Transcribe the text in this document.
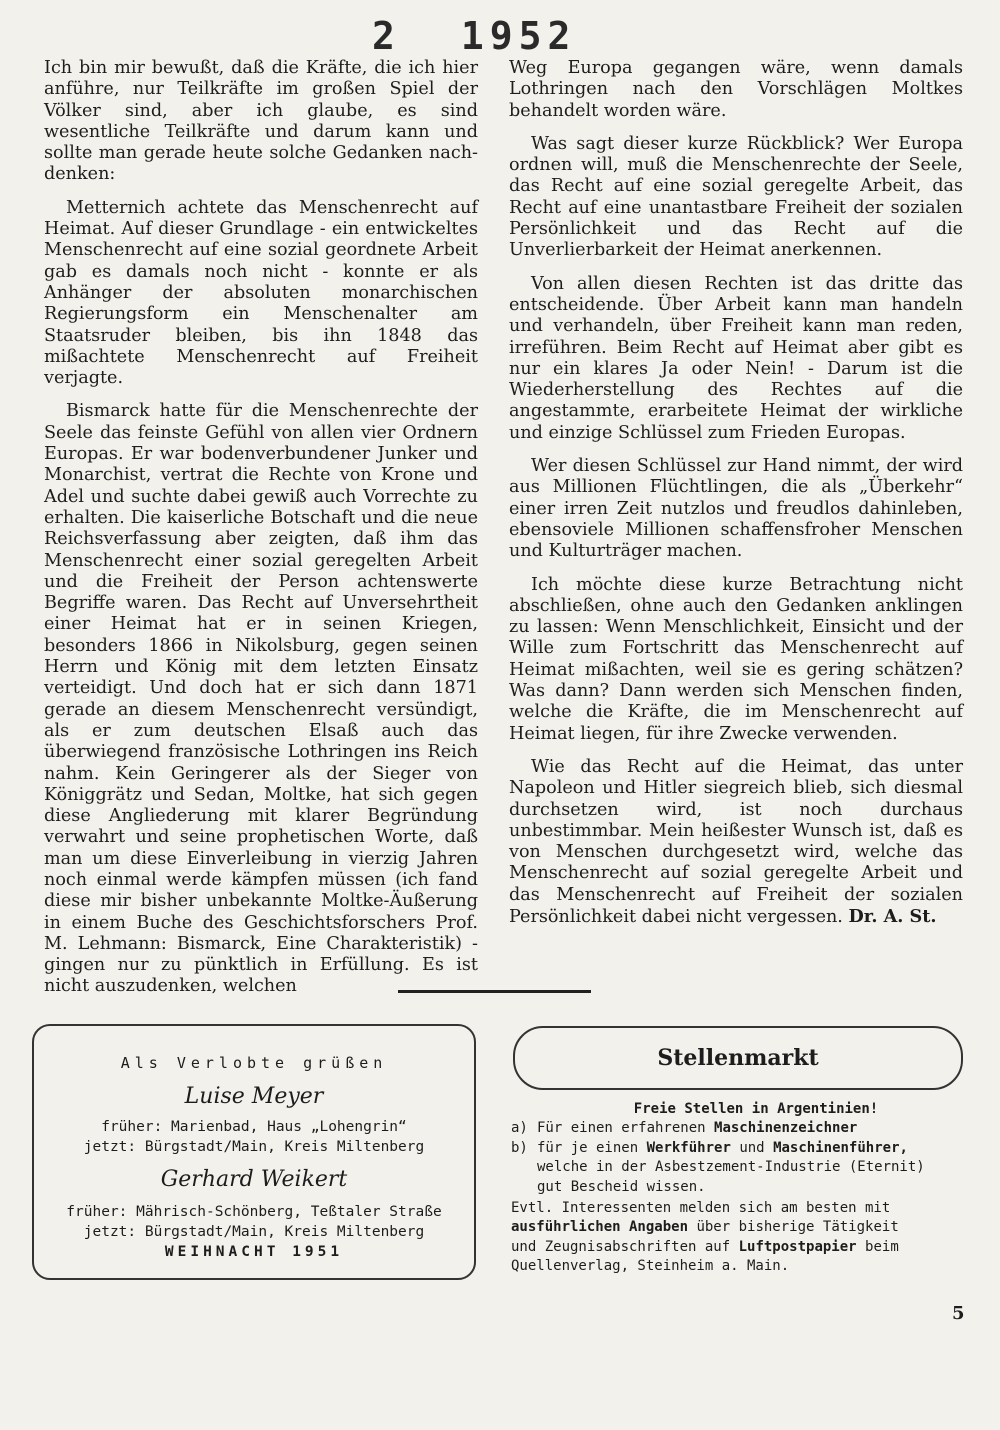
2 1952

Ich bin mir bewußt, daß die Kräfte, die ich hier anführe, nur Teilkräfte im großen Spiel der Völker sind, aber ich glaube, es sind wesentliche Teilkräfte und darum kann und sollte man gerade heute solche Gedanken nach-denken:

Metternich achtete das Menschenrecht auf Heimat. Auf dieser Grundlage - ein entwickeltes Menschenrecht auf eine sozial geordnete Arbeit gab es damals noch nicht - konnte er als Anhänger der absoluten monarchischen Regierungsform ein Menschenalter am Staatsruder bleiben, bis ihn 1848 das mißachtete Menschenrecht auf Freiheit verjagte.

Bismarck hatte für die Menschenrechte der Seele das feinste Gefühl von allen vier Ordnern Europas. Er war bodenverbundener Junker und Monarchist, vertrat die Rechte von Krone und Adel und suchte dabei gewiß auch Vorrechte zu erhalten. Die kaiserliche Botschaft und die neue Reichsverfassung aber zeigten, daß ihm das Menschenrecht einer sozial geregelten Arbeit und die Freiheit der Person achtenswerte Begriffe waren. Das Recht auf Unversehrtheit einer Heimat hat er in seinen Kriegen, besonders 1866 in Nikolsburg, gegen seinen Herrn und König mit dem letzten Einsatz verteidigt. Und doch hat er sich dann 1871 gerade an diesem Menschenrecht versündigt, als er zum deutschen Elsaß auch das überwiegend französische Lothringen ins Reich nahm. Kein Geringerer als der Sieger von Königgrätz und Sedan, Moltke, hat sich gegen diese Angliederung mit klarer Begründung verwahrt und seine prophetischen Worte, daß man um diese Einverleibung in vierzig Jahren noch einmal werde kämpfen müssen (ich fand diese mir bisher unbekannte Moltke-Äußerung in einem Buche des Geschichtsforschers Prof. M. Lehmann: Bismarck, Eine Charakteristik) - gingen nur zu pünktlich in Erfüllung. Es ist nicht auszudenken, welchen

Weg Europa gegangen wäre, wenn damals Lothringen nach den Vorschlägen Moltkes behandelt worden wäre.

Was sagt dieser kurze Rückblick? Wer Europa ordnen will, muß die Menschenrechte der Seele, das Recht auf eine sozial geregelte Arbeit, das Recht auf eine unantastbare Freiheit der sozialen Persönlichkeit und das Recht auf die Unverlierbarkeit der Heimat anerkennen.

Von allen diesen Rechten ist das dritte das entscheidende. Über Arbeit kann man handeln und verhandeln, über Freiheit kann man reden, irreführen. Beim Recht auf Heimat aber gibt es nur ein klares Ja oder Nein! - Darum ist die Wiederherstellung des Rechtes auf die angestammte, erarbeitete Heimat der wirkliche und einzige Schlüssel zum Frieden Europas.

Wer diesen Schlüssel zur Hand nimmt, der wird aus Millionen Flüchtlingen, die als „Überkehr“ einer irren Zeit nutzlos und freudlos dahinleben, ebensoviele Millionen schaffensfroher Menschen und Kulturträger machen.

Ich möchte diese kurze Betrachtung nicht abschließen, ohne auch den Gedanken anklingen zu lassen: Wenn Menschlichkeit, Einsicht und der Wille zum Fortschritt das Menschenrecht auf Heimat mißachten, weil sie es gering schätzen? Was dann? Dann werden sich Menschen finden, welche die Kräfte, die im Menschenrecht auf Heimat liegen, für ihre Zwecke verwenden.

Wie das Recht auf die Heimat, das unter Napoleon und Hitler siegreich blieb, sich diesmal durchsetzen wird, ist noch durchaus unbestimmbar. Mein heißester Wunsch ist, daß es von Menschen durchgesetzt wird, welche das Menschenrecht auf sozial geregelte Arbeit und das Menschenrecht auf Freiheit der sozialen Persönlichkeit dabei nicht vergessen. Dr. A. St.

Als Verlobte grüßen
Luise Meyer
früher: Marienbad, Haus „Lohengrin“
jetzt: Bürgstadt/Main, Kreis Miltenberg
Gerhard Weikert
früher: Mährisch-Schönberg, Teßtaler Straße
jetzt: Bürgstadt/Main, Kreis Miltenberg
WEIHNACHT 1951
Stellenmarkt
Freie Stellen in Argentinien!
a) Für einen erfahrenen Maschinenzeichner
b) für je einen Werkführer und Maschinenführer,
welche in der Asbestzement-Industrie (Eternit)
gut Bescheid wissen.
Evtl. Interessenten melden sich am besten mit
ausführlichen Angaben über bisherige Tätigkeit
und Zeugnisabschriften auf Luftpostpapier beim
Quellenverlag, Steinheim a. Main.
5
